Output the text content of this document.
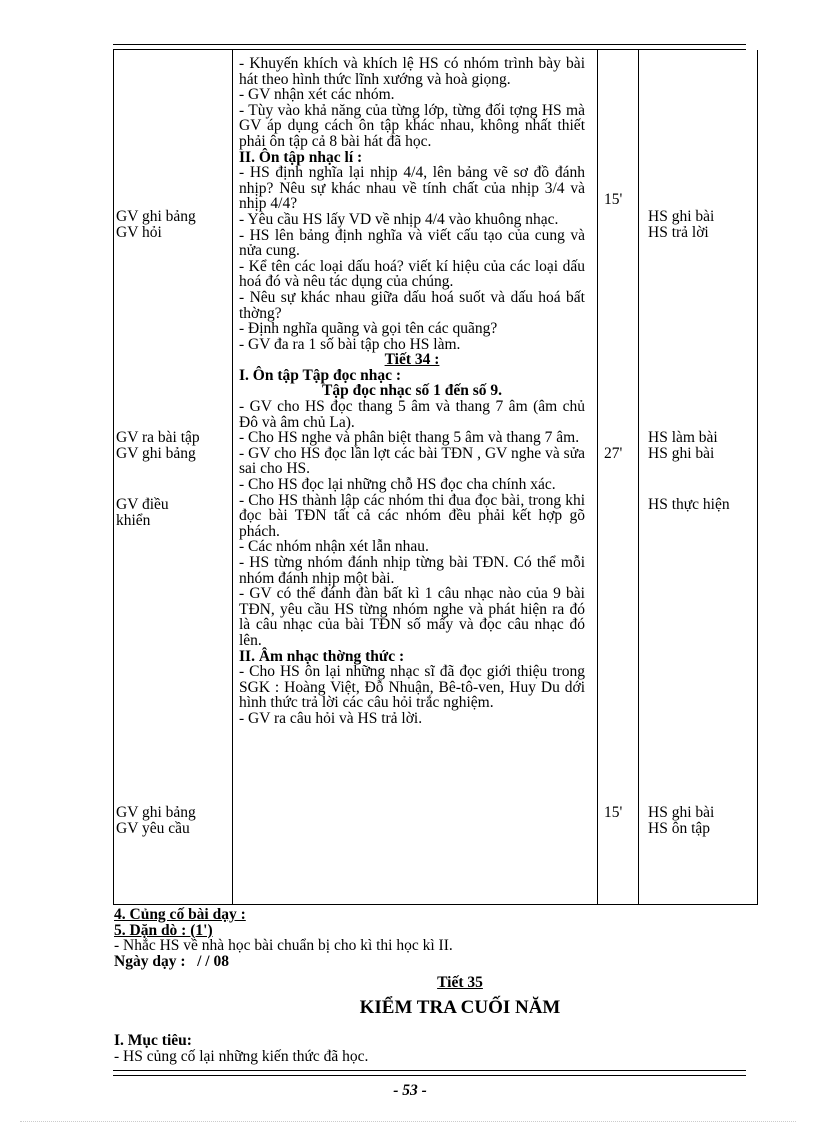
GV ghi bảng

GV hỏi

GV ra bài tập

GV ghi bảng

GV điều

khiển

GV ghi bảng

GV yêu cầu

15'
27'
15'

HS ghi bài

HS trả lời

HS làm bài

HS ghi bài

HS thực hiện

HS ghi bài

HS ôn tập

- Khuyến khích và khích lệ HS có nhóm trình bày bài hát theo hình thức lĩnh xướng và hoà giọng.

- GV nhận xét các nhóm.

- Tùy vào khả năng của từng lớp, từng đối tợng HS mà GV áp dụng cách ôn tập khác nhau, không nhất thiết phải ôn tập cả 8 bài hát đã học.

II. Ôn tập nhạc lí :

- HS định nghĩa lại nhịp 4/4, lên bảng vẽ sơ đồ đánh nhịp? Nêu sự khác nhau về tính chất của nhịp 3/4 và nhịp 4/4?

- Yêu cầu HS lấy VD về nhịp 4/4 vào khuông nhạc.

- HS lên bảng định nghĩa và viết cấu tạo của cung và nửa cung.

- Kể tên các loại dấu hoá? viết kí hiệu của các loại dấu hoá đó và nêu tác dụng của chúng.

- Nêu sự khác nhau giữa dấu hoá suốt và dấu hoá bất thờng?

- Định nghĩa quãng và gọi tên các quãng?

- GV đa ra 1 số bài tập cho HS làm.

Tiết 34 :

I. Ôn tập Tập đọc nhạc :

Tập đọc nhạc số 1 đến số 9.

- GV cho HS đọc thang 5 âm và thang 7 âm (âm chủ Đô và âm chủ La).

- Cho HS nghe và phân biệt thang 5 âm và thang 7 âm.

- GV cho HS đọc lần lợt các bài TĐN , GV nghe và sửa sai cho HS.

- Cho HS đọc lại những chỗ HS đọc cha chính xác.

- Cho HS thành lập các nhóm thi đua đọc bài, trong khi đọc bài TĐN tất cả các nhóm đều phải kết hợp gõ phách.

- Các nhóm nhận xét lẫn nhau.

- HS từng nhóm đánh nhịp từng bài TĐN. Có thể mỗi nhóm đánh nhịp một bài.

- GV có thể đánh đàn bất kì 1 câu nhạc nào của 9 bài TĐN, yêu cầu HS từng nhóm nghe và phát hiện ra đó là câu nhạc của bài TĐN số mấy và đọc câu nhạc đó lên.

II. Âm nhạc thờng thức :

- Cho HS ôn lại những nhạc sĩ đã đọc giới thiệu trong SGK : Hoàng Việt, Đỗ Nhuận, Bê-tô-ven, Huy Du dới hình thức trả lời các câu hỏi trắc nghiệm.

- GV ra câu hỏi và HS trả lời.

4. Củng cố bài dạy :

5. Dặn dò : (1')

- Nhắc HS về nhà học bài chuẩn bị cho kì thi học kì II.

Ngày dạy : / / 08

Tiết 35
KIỂM TRA CUỐI NĂM

I. Mục tiêu:

- HS củng cố lại những kiến thức đã học.

- 53 -
